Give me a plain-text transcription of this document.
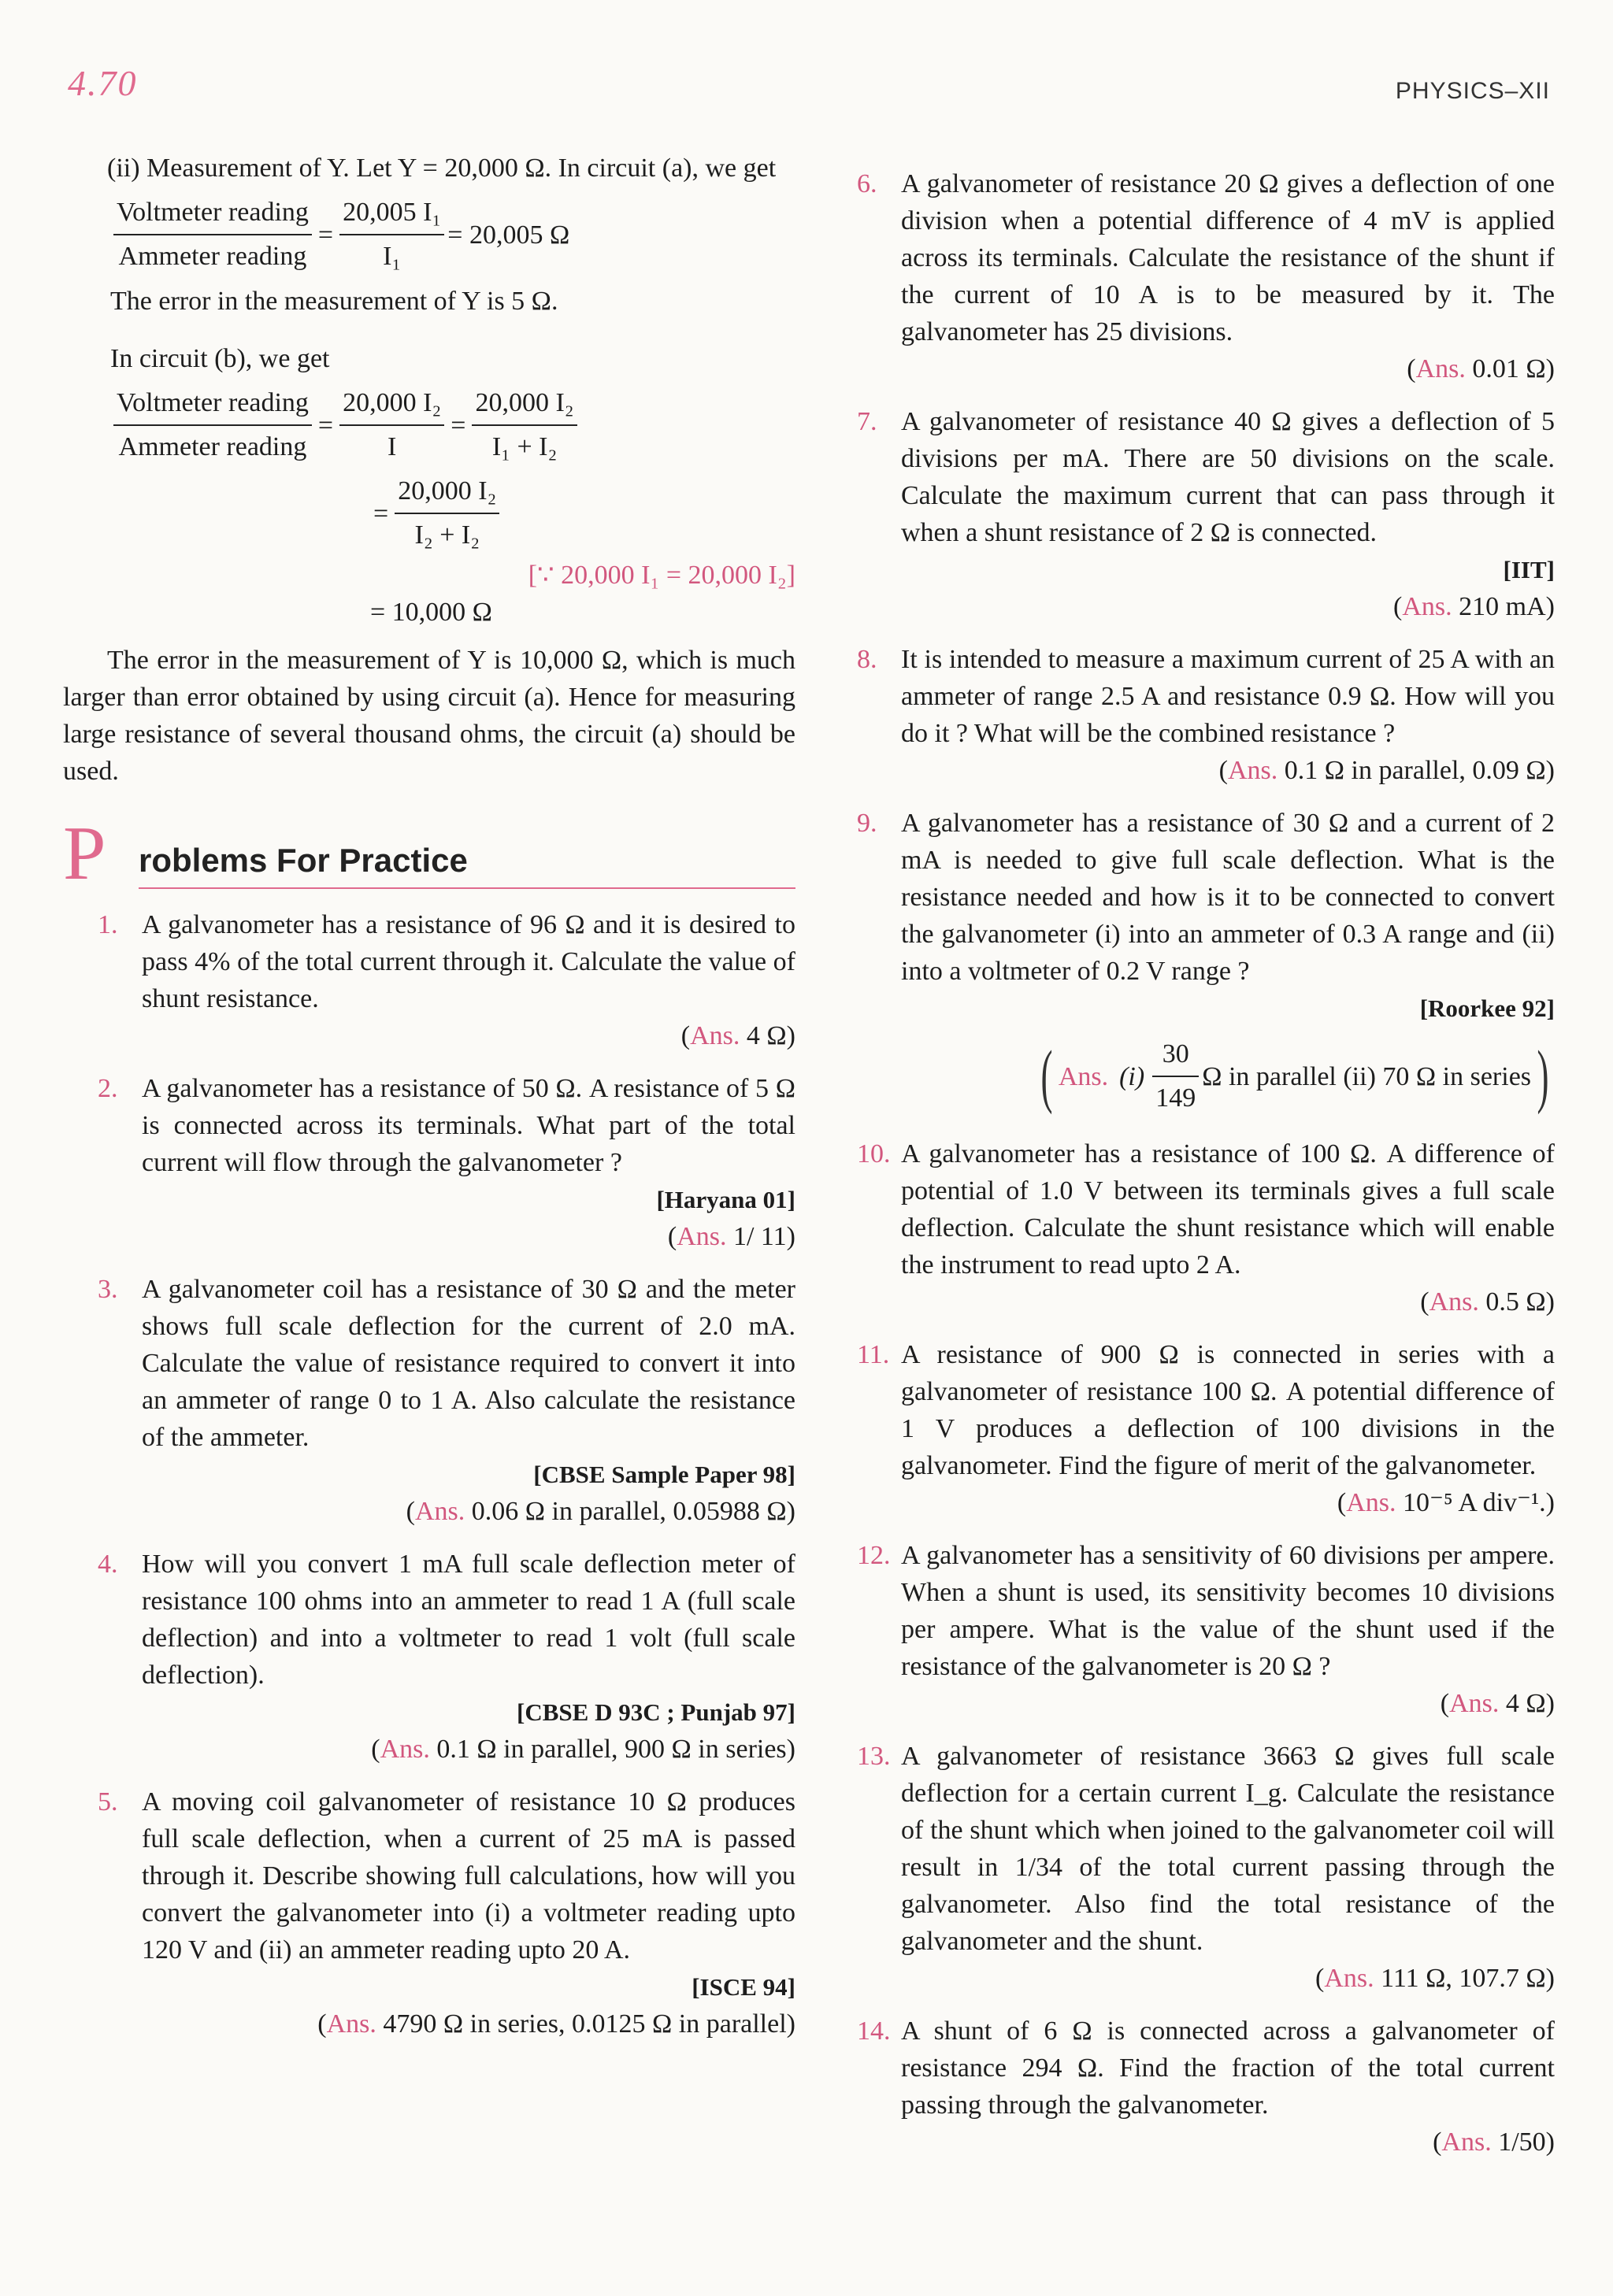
4.70	PHYSICS–XII

(ii) Measurement of Y. Let Y = 20,000 Ω. In circuit (a), we get

$\frac{\text{Voltmeter reading}}{\text{Ammeter reading}} = \frac{\text{20,005 I₁}}{\text{I₁}} = 20,005$ Ω

The error in the measurement of Y is 5 Ω.

In circuit (b), we get

$\frac{\text{Voltmeter reading}}{\text{Ammeter reading}} = \frac{\text{20,000 I₂}}{I} = \frac{\text{20,000 I₂}}{\text{I₁ + I₂}}$
= $\frac{\text{20,000 I₂}}{\text{I₂ + I₂}}$

[∵ 20,000 I₁ = 20,000 I₂]

= 10,000 Ω

The error in the measurement of Y is 10,000 Ω, which is much larger than error obtained by using circuit (a). Hence for measuring large resistance of several thousand ohms, the circuit (a) should be used.

P roblems For Practice
1. A galvanometer has a resistance of 96 Ω and it is desired to pass 4% of the total current through it. Calculate the value of shunt resistance.
(Ans. 4 Ω)
2. A galvanometer has a resistance of 50 Ω. A resistance of 5 Ω is connected across its terminals. What part of the total current will flow through the galvanometer ?
[Haryana 01]
(Ans. 1/ 11)
3. A galvanometer coil has a resistance of 30 Ω and the meter shows full scale deflection for the current of 2.0 mA. Calculate the value of resistance required to convert it into an ammeter of range 0 to 1 A. Also calculate the resistance of the ammeter.
[CBSE Sample Paper 98]
(Ans. 0.06 Ω in parallel, 0.05988 Ω)
4. How will you convert 1 mA full scale deflection meter of resistance 100 ohms into an ammeter to read 1 A (full scale deflection) and into a voltmeter to read 1 volt (full scale deflection).
[CBSE D 93C ; Punjab 97]
(Ans. 0.1 Ω in parallel, 900 Ω in series)
5. A moving coil galvanometer of resistance 10 Ω produces full scale deflection, when a current of 25 mA is passed through it. Describe showing full calculations, how will you convert the galvanometer into (i) a voltmeter reading upto 120 V and (ii) an ammeter reading upto 20 A.
[ISCE 94]
(Ans. 4790 Ω in series, 0.0125 Ω in parallel)
6. A galvanometer of resistance 20 Ω gives a deflection of one division when a potential difference of 4 mV is applied across its terminals. Calculate the resistance of the shunt if the current of 10 A is to be measured by it. The galvanometer has 25 divisions.
(Ans. 0.01 Ω)
7. A galvanometer of resistance 40 Ω gives a deflection of 5 divisions per mA. There are 50 divisions on the scale. Calculate the maximum current that can pass through it when a shunt resistance of 2 Ω is connected.
[IIT]
(Ans. 210 mA)
8. It is intended to measure a maximum current of 25 A with an ammeter of range 2.5 A and resistance 0.9 Ω. How will you do it ? What will be the combined resistance ?
(Ans. 0.1 Ω in parallel, 0.09 Ω)
9. A galvanometer has a resistance of 30 Ω and a current of 2 mA is needed to give full scale deflection. What is the resistance needed and how is it to be connected to convert the galvanometer (i) into an ammeter of 0.3 A range and (ii) into a voltmeter of 0.2 V range ?
[Roorkee 92]
( Ans. $(i) \frac{30}{149}$ Ω in parallel (ii) 70 Ω in series )
10. A galvanometer has a resistance of 100 Ω. A difference of potential of 1.0 V between its terminals gives a full scale deflection. Calculate the shunt resistance which will enable the instrument to read upto 2 A.
(Ans. 0.5 Ω)
11. A resistance of 900 Ω is connected in series with a galvanometer of resistance 100 Ω. A potential difference of 1 V produces a deflection of 100 divisions in the galvanometer. Find the figure of merit of the galvanometer.
(Ans. 10⁻⁵ A div⁻¹.)
12. A galvanometer has a sensitivity of 60 divisions per ampere. When a shunt is used, its sensitivity becomes 10 divisions per ampere. What is the value of the shunt used if the resistance of the galvanometer is 20 Ω ?
(Ans. 4 Ω)
13. A galvanometer of resistance 3663 Ω gives full scale deflection for a certain current I_g. Calculate the resistance of the shunt which when joined to the galvanometer coil will result in 1/34 of the total current passing through the galvanometer. Also find the total resistance of the galvanometer and the shunt.
(Ans. 111 Ω, 107.7 Ω)
14. A shunt of 6 Ω is connected across a galvanometer of resistance 294 Ω. Find the fraction of the total current passing through the galvanometer.
(Ans. 1/50)
